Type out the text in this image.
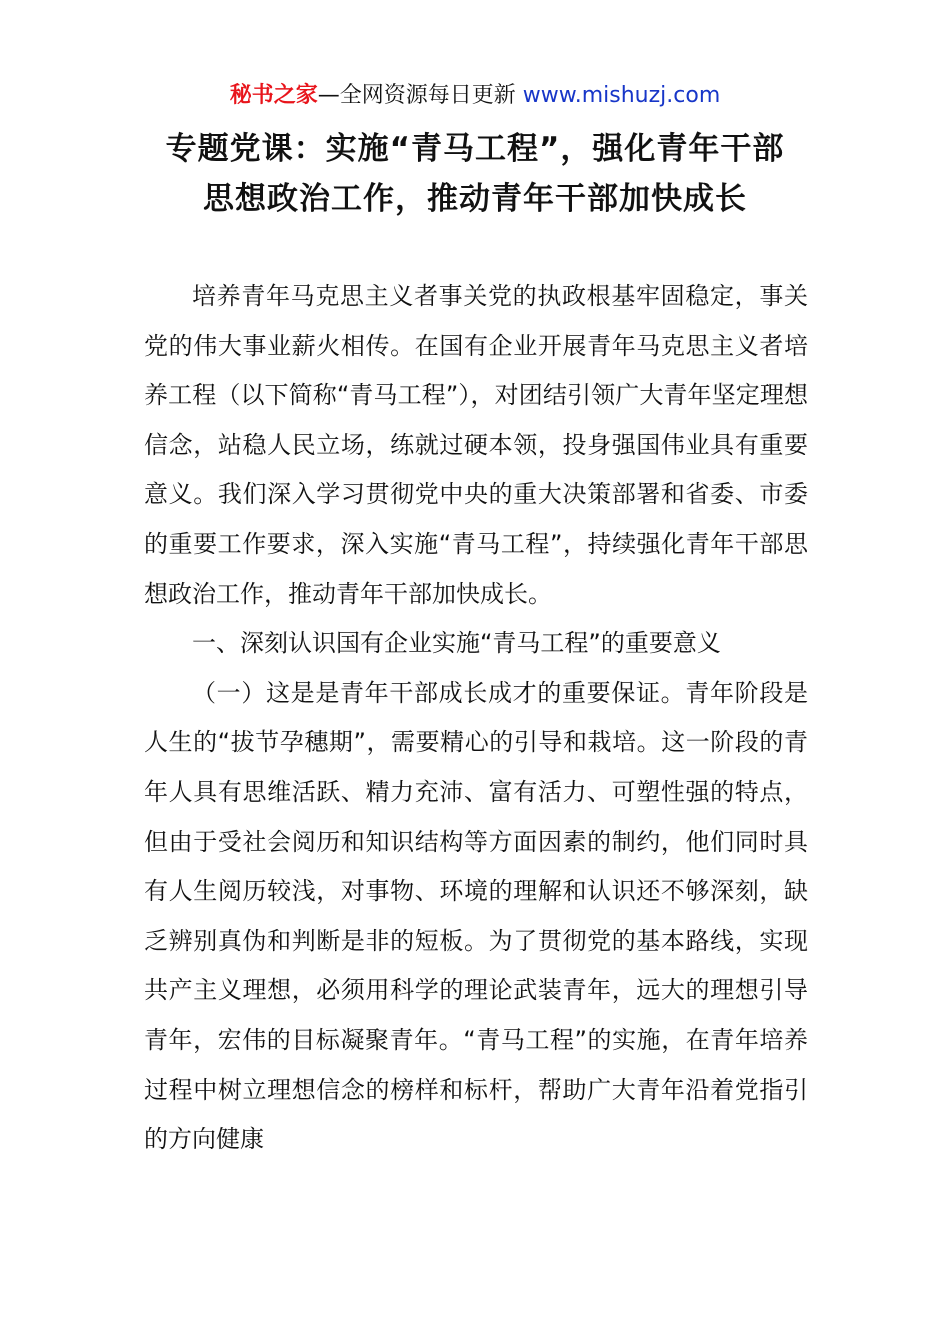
秘书之家—全网资源每日更新 www.mishuzj.com
专题党课：实施“青马工程”，强化青年干部
思想政治工作，推动青年干部加快成长

培养青年马克思主义者事关党的执政根基牢固稳定，事关党的伟大事业薪火相传。在国有企业开展青年马克思主义者培养工程（以下简称“青马工程”），对团结引领广大青年坚定理想信念，站稳人民立场，练就过硬本领，投身强国伟业具有重要意义。我们深入学习贯彻党中央的重大决策部署和省委、市委的重要工作要求，深入实施“青马工程”，持续强化青年干部思想政治工作，推动青年干部加快成长。

一、深刻认识国有企业实施“青马工程”的重要意义

（一）这是是青年干部成长成才的重要保证。青年阶段是人生的“拔节孕穗期”，需要精心的引导和栽培。这一阶段的青年人具有思维活跃、精力充沛、富有活力、可塑性强的特点，但由于受社会阅历和知识结构等方面因素的制约，他们同时具有人生阅历较浅，对事物、环境的理解和认识还不够深刻，缺乏辨别真伪和判断是非的短板。为了贯彻党的基本路线，实现共产主义理想，必须用科学的理论武装青年，远大的理想引导青年，宏伟的目标凝聚青年。“青马工程”的实施，在青年培养过程中树立理想信念的榜样和标杆，帮助广大青年沿着党指引的方向健康
